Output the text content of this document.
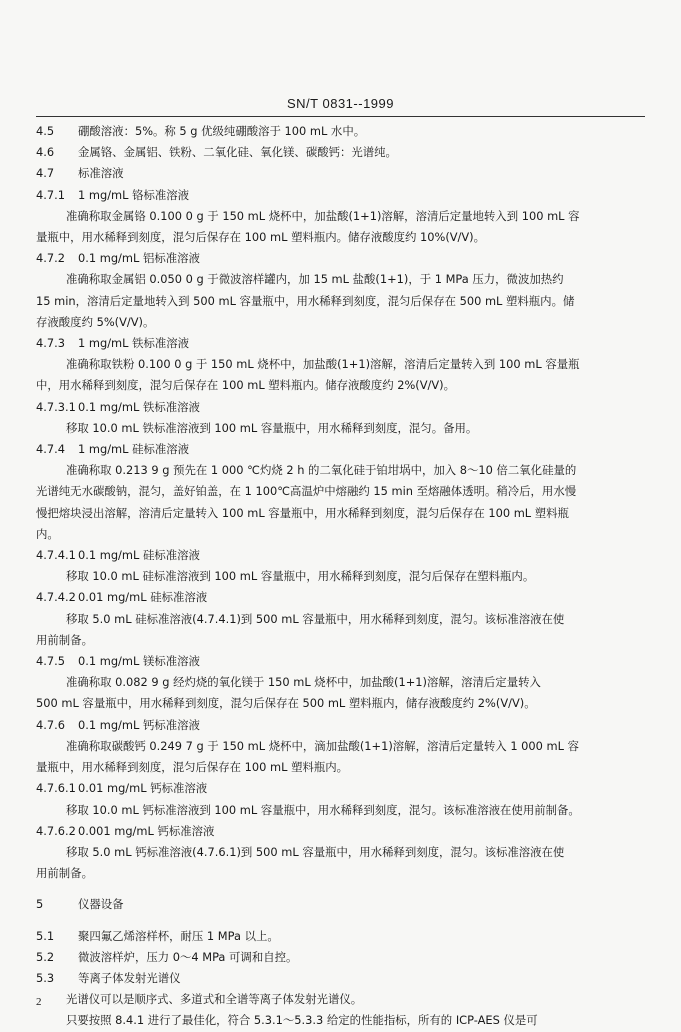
SN/T 0831--1999
4.5 硼酸溶液：5%。称 5 g 优级纯硼酸溶于 100 mL 水中。
4.6 金属铬、金属铝、铁粉、二氧化硅、氧化镁、碳酸钙：光谱纯。
4.7 标准溶液
4.7.1 1 mg/mL 铬标准溶液
准确称取金属铬 0.100 0 g 于 150 mL 烧杯中，加盐酸(1+1)溶解，溶清后定量地转入到 100 mL 容
量瓶中，用水稀释到刻度，混匀后保存在 100 mL 塑料瓶内。储存液酸度约 10%(V/V)。
4.7.2 0.1 mg/mL 铝标准溶液
准确称取金属铝 0.050 0 g 于微波溶样罐内，加 15 mL 盐酸(1+1)，于 1 MPa 压力，微波加热约
15 min，溶清后定量地转入到 500 mL 容量瓶中，用水稀释到刻度，混匀后保存在 500 mL 塑料瓶内。储
存液酸度约 5%(V/V)。
4.7.3 1 mg/mL 铁标准溶液
准确称取铁粉 0.100 0 g 于 150 mL 烧杯中，加盐酸(1+1)溶解，溶清后定量转入到 100 mL 容量瓶
中，用水稀释到刻度，混匀后保存在 100 mL 塑料瓶内。储存液酸度约 2%(V/V)。
4.7.3.1 0.1 mg/mL 铁标准溶液
移取 10.0 mL 铁标准溶液到 100 mL 容量瓶中，用水稀释到刻度，混匀。备用。
4.7.4 1 mg/mL 硅标准溶液
准确称取 0.213 9 g 预先在 1 000 ℃灼烧 2 h 的二氧化硅于铂坩埚中，加入 8～10 倍二氧化硅量的
光谱纯无水碳酸钠，混匀，盖好铂盖，在 1 100℃高温炉中熔融约 15 min 至熔融体透明。稍冷后，用水慢
慢把熔块浸出溶解，溶清后定量转入 100 mL 容量瓶中，用水稀释到刻度，混匀后保存在 100 mL 塑料瓶
内。
4.7.4.1 0.1 mg/mL 硅标准溶液
移取 10.0 mL 硅标准溶液到 100 mL 容量瓶中，用水稀释到刻度，混匀后保存在塑料瓶内。
4.7.4.2 0.01 mg/mL 硅标准溶液
移取 5.0 mL 硅标准溶液(4.7.4.1)到 500 mL 容量瓶中，用水稀释到刻度，混匀。该标准溶液在使
用前制备。
4.7.5 0.1 mg/mL 镁标准溶液
准确称取 0.082 9 g 经灼烧的氧化镁于 150 mL 烧杯中，加盐酸(1+1)溶解，溶清后定量转入
500 mL 容量瓶中，用水稀释到刻度，混匀后保存在 500 mL 塑料瓶内，储存液酸度约 2%(V/V)。
4.7.6 0.1 mg/mL 钙标准溶液
准确称取碳酸钙 0.249 7 g 于 150 mL 烧杯中，滴加盐酸(1+1)溶解，溶清后定量转入 1 000 mL 容
量瓶中，用水稀释到刻度，混匀后保存在 100 mL 塑料瓶内。
4.7.6.1 0.01 mg/mL 钙标准溶液
移取 10.0 mL 钙标准溶液到 100 mL 容量瓶中，用水稀释到刻度，混匀。该标准溶液在使用前制备。
4.7.6.2 0.001 mg/mL 钙标准溶液
移取 5.0 mL 钙标准溶液(4.7.6.1)到 500 mL 容量瓶中，用水稀释到刻度，混匀。该标准溶液在使
用前制备。
5	仪器设备
5.1 聚四氟乙烯溶样杯，耐压 1 MPa 以上。
5.2 微波溶样炉，压力 0～4 MPa 可调和自控。
5.3 等离子体发射光谱仪
光谱仪可以是顺序式、多道式和全谱等离子体发射光谱仪。
只要按照 8.4.1 进行了最佳化，符合 5.3.1～5.3.3 给定的性能指标，所有的 ICP-AES 仪是可
2
